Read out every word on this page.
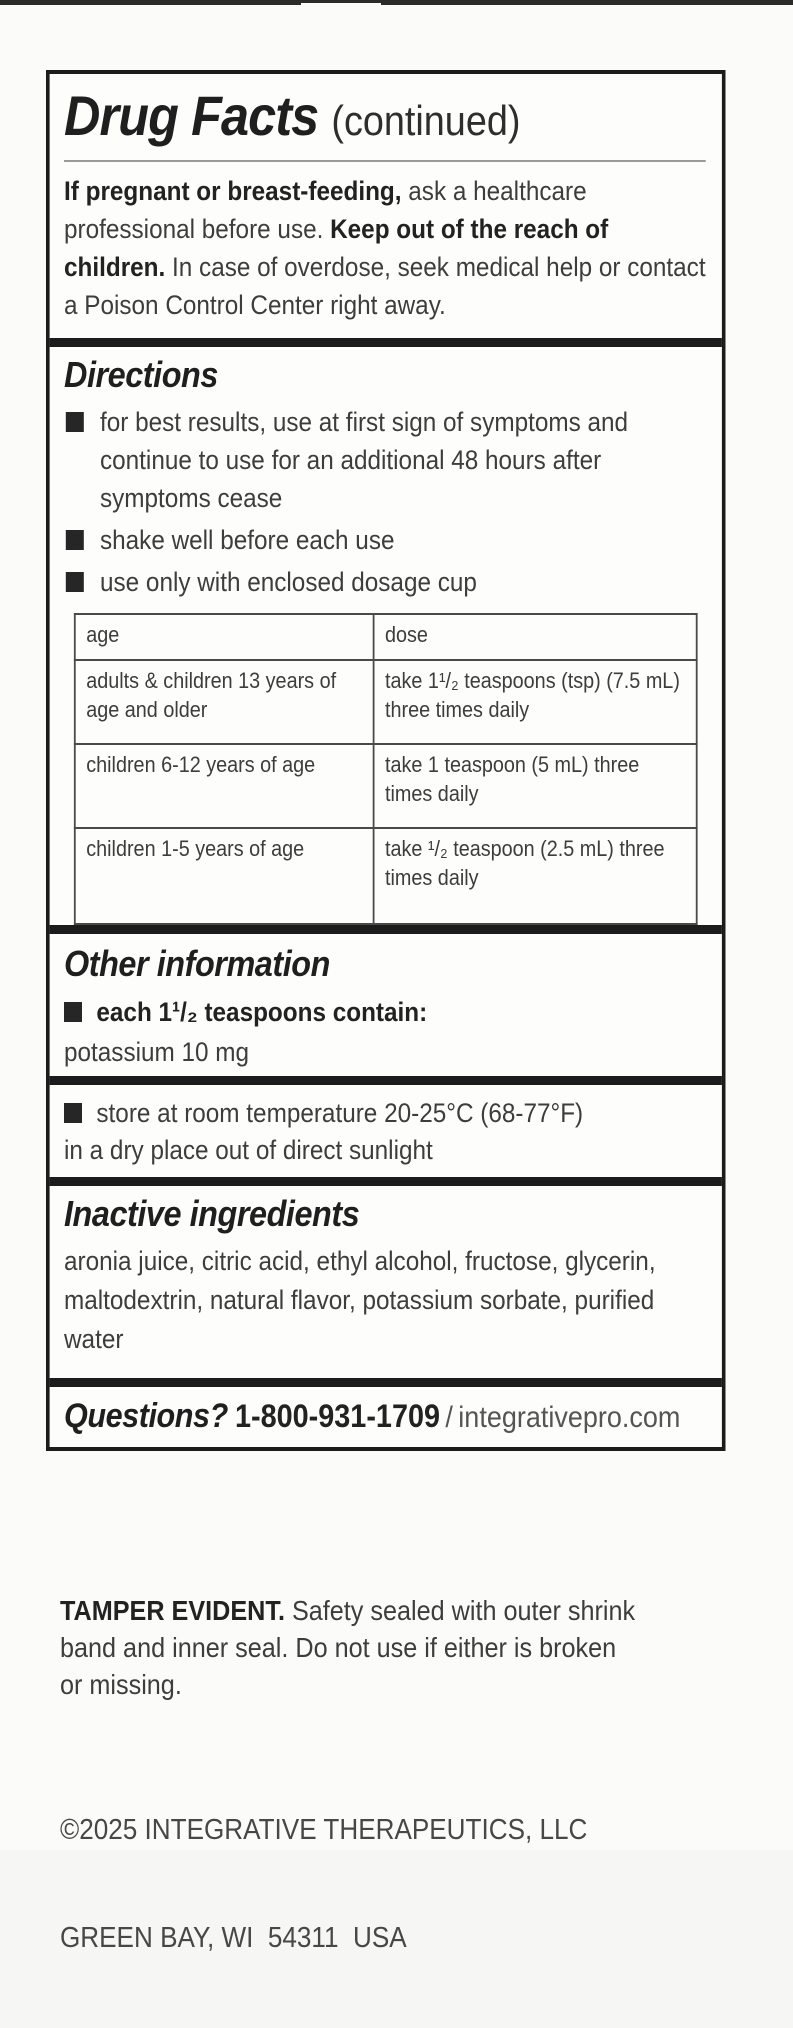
Drug Facts (continued)
If pregnant or breast-feeding, ask a healthcare professional before use. Keep out of the reach of children. In case of overdose, seek medical help or contact a Poison Control Center right away.
Directions
for best results, use at first sign of symptoms and continue to use for an additional 48 hours after symptoms cease
shake well before each use
use only with enclosed dosage cup
age	dose
adults & children 13 years of age and older	take 1¹/₂ teaspoons (tsp) (7.5 mL) three times daily
children 6-12 years of age	take 1 teaspoon (5 mL) three times daily
children 1-5 years of age	take ¹/₂ teaspoon (2.5 mL) three times daily
Other information
each 1¹/₂ teaspoons contain:
potassium 10 mg
store at room temperature 20-25°C (68-77°F)
in a dry place out of direct sunlight
Inactive ingredients
aronia juice, citric acid, ethyl alcohol, fructose, glycerin, maltodextrin, natural flavor, potassium sorbate, purified water
Questions? 1-800-931-1709 / integrativepro.com
TAMPER EVIDENT. Safety sealed with outer shrink band and inner seal. Do not use if either is broken or missing.

©2025 INTEGRATIVE THERAPEUTICS, LLC

GREEN BAY, WI  54311  USA
